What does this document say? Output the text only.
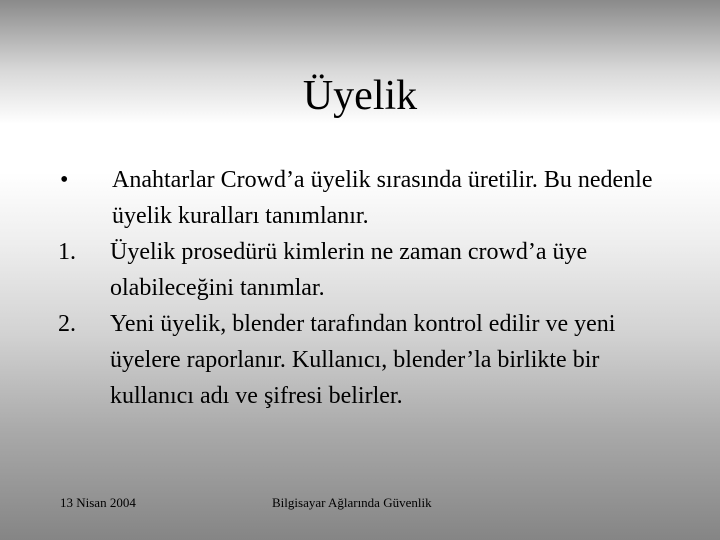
Üyelik
•	Anahtarlar Crowd’a üyelik sırasında üretilir. Bu nedenle üyelik kuralları tanımlanır.
1.	Üyelik prosedürü kimlerin ne zaman crowd’a üye olabileceğini tanımlar.
2.	Yeni üyelik, blender tarafından kontrol edilir ve yeni üyelere raporlanır. Kullanıcı, blender’la birlikte bir kullanıcı adı ve şifresi belirler.
13 Nisan 2004	Bilgisayar Ağlarında Güvenlik
